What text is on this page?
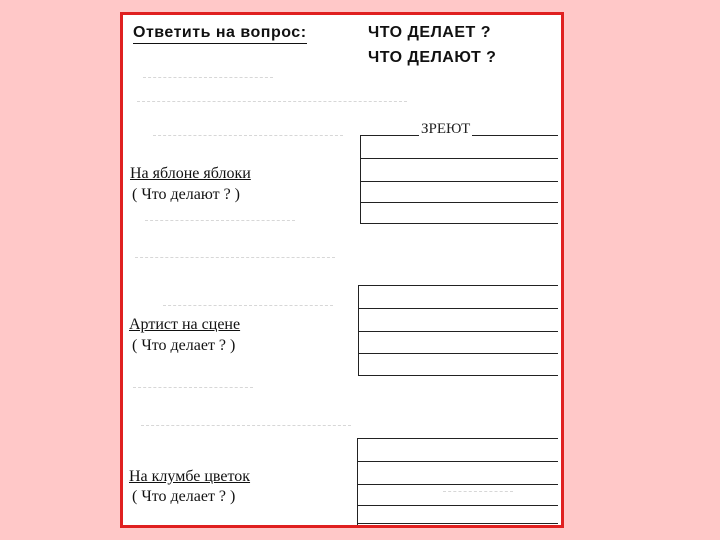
Ответить на вопрос:	ЧТО ДЕЛАЕТ ?
ЧТО ДЕЛАЮТ ?
На яблоне яблоки
( Что делают ? )
ЗРЕЮТ
Артист на сцене
( Что делает ? )
На клумбе цветок
( Что делает ? )
